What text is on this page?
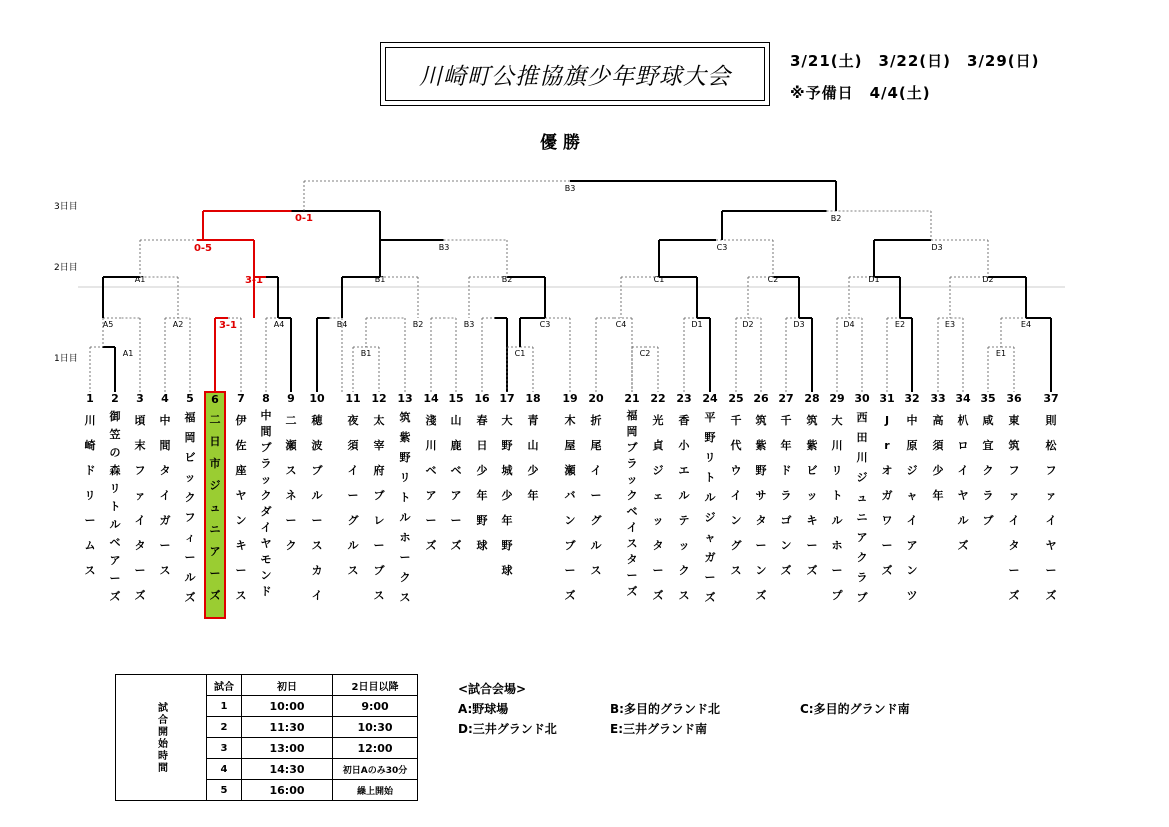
川崎町公推協旗少年野球大会
3/21(土)　3/22(日)　3/29(日)
※予備日　4/4(土)
優勝
3日目
2日目
1日目
B3
B2
B3	C3	D3
A1	B1	B2	C1	C2	D1	D2
A5	A2	A4	B4	B2	B3	C3	C4	D1	D2	D3	D4	E2	E3	E4
A1	B1	C1	C2	E1
0-1
0-5
3-1
3-1
1
川
崎
ド
リ
ー
ム
ス
2
御
笠
の
森
リ
ト
ル
ベ
ア
ー
ズ
3
頃
末
フ
ァ
イ
タ
ー
ズ
4
中
間
タ
イ
ガ
ー
ス
5
福
岡
ビ
ッ
ク
フ
ィ
ー
ル
ズ
6
二
日
市
ジ
ュ
ニ
ア
ー
ズ
7
伊
佐
座
ヤ
ン
キ
ー
ス
8
中
間
ブ
ラ
ッ
ク
ダ
イ
ヤ
モ
ン
ド
9
二
瀬
ス
ネ
ー
ク
10
穂
波
ブ
ル
ー
ス
カ
イ
11
夜
須
イ
ー
グ
ル
ス
12
太
宰
府
ブ
レ
ー
ブ
ス
13
筑
紫
野
リ
ト
ル
ホ
ー
ク
ス
14
淺
川
ベ
ア
ー
ズ
15
山
鹿
ベ
ア
ー
ズ
16
春
日
少
年
野
球
17
大
野
城
少
年
野
球
18
青
山
少
年
19
木
屋
瀬
バ
ン
ブ
ー
ズ
20
折
尾
イ
ー
グ
ル
ス
21
福
岡
ブ
ラ
ッ
ク
ベ
イ
ス
タ
ー
ズ
22
光
貞
ジ
ェ
ッ
タ
ー
ズ
23
香
小
エ
ル
テ
ッ
ク
ス
24
平
野
リ
ト
ル
ジ
ャ
ガ
ー
ズ
25
千
代
ウ
イ
ン
グ
ス
26
筑
紫
野
サ
タ
ー
ン
ズ
27
千
年
ド
ラ
ゴ
ン
ズ
28
筑
紫
ビ
ッ
キ
ー
ズ
29
大
川
リ
ト
ル
ホ
ー
プ
30
西
田
川
ジ
ュ
ニ
ア
ク
ラ
ブ
31
J
r
オ
ガ
ワ
ー
ズ
32
中
原
ジ
ャ
イ
ア
ン
ツ
33
高
須
少
年
34
朳
ロ
イ
ヤ
ル
ズ
35
咸
宜
ク
ラ
ブ
36
東
筑
フ
ァ
イ
タ
ー
ズ
37
則
松
フ
ァ
イ
ヤ
ー
ズ
試合開始時間	試合	初日	2日目以降
	1	10:00	9:00
	2	11:30	10:30
	3	13:00	12:00
	4	14:30	初日Aのみ30分
	5	16:00	繰上開始
<試合会場>
A:野球場	B:多目的グランド北	C:多目的グランド南
D:三井グランド北	E:三井グランド南
